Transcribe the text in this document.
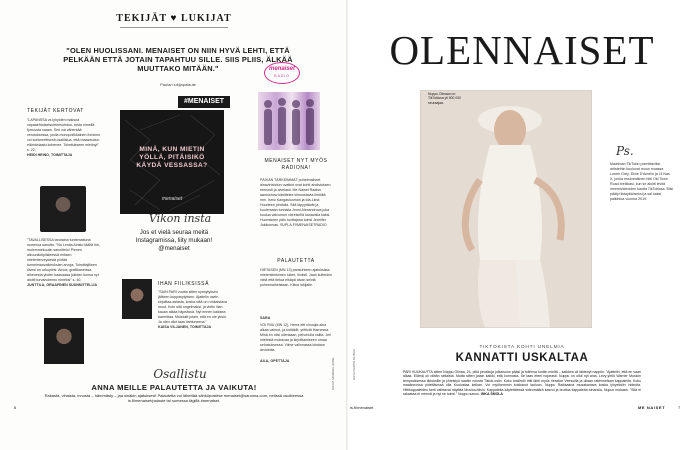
TEKIJÄT ♥ LUKIJAT
"OLEN HUOLISSANI. MENAISET ON NIIN HYVÄ LEHTI, ETTÄ PELKÄÄN ETTÄ JOTAIN TAPAHTUU SILLE. SIIS PLIIS, ÄLKÄÄ MUUTTAKO MITÄÄN."
Paulan lukijapalaute
TEKIJÄT KERTOVAT
"LAPANSSA vs lyhyiden maksoa vapaaehtoisetsuhteesuhdun- tusta nimellä fyrruusta vaaan. Seri vai vähentää verotuksessa, joulla monopolikkainen ihminen voi konkreettisesti osallistua, että maaseudun elämänlaatu kohenee. Toimitukseen mielinyt" s. 22,
HEIDI HEINO, TOIMITTAJA
"TAVALLISESSA tarotaina tuntemattuna numeroa sanottu. "No Lenita Airisto täältä hei, molemmekuutin sanoittelu! Pienen alkuunilutipilsteessä entisen mielenterveydestä piirtää tunnelmanvaikeuksien arvoja, Toimittajilleen tiivesi on urkupiirsi. Ainoa: grafiikaneissa aiheoesta yhden kaasaaaa jukiden konsa nyt aloitti turvanoimmu nimeksi" s. 40,
JUNTTILA, GRAAFINEN SUUNNITTELIJA
#MENAISET
MINÄ, KUN MIETIN YÖLLÄ, PITÄISIKÖ KÄYDÄ VESSASSA?
menaiset
Vikon insta
Jos et vielä seuraa meitä Instagramissa, liity mukaan! @menaiset
IHAN FIILIKSISSÄ
"SAIN PARI vuotta sitten synnytyksen jälkeen kuppasytyksen. Ajattelin usein kirjoittaa asiasta, koska siitä on rohkaistava muut. Koin sitä ongelmaksi, ja vietin liian kauan aikaa häpeässä. Nyt ennen kaikkea harmittaa. Muistutit jotain, että en ole yksin. Ja olen ollut taas ilahtuneena."
KAISA VILJANEN, TOIMITTAJA
menaiset
RADIO
MENAISET NYT MYÖS RADIONA!
PÄIVÄN TÄRKEIMMÄT puheenaiheet ainavirtahdun ovatkin ovat kohti ahdistuksen rennosti ja aivelasti. Me Naiset Radion aamushow käsittelee kiinnostavia ilmiöitä mm. Ismo Kangasluoman ja Ida-Liina Huurteen johdolla. Sitä läpyyttävät ja kuulemaan tunnista Jenni Alexandrova joka kuulua valvomon viereisellä kanavalla kaksi. Huomiseen päin tuottajana toimii Jennifer Jokikunnas. SUPLA.FI/MENAISETRADIO
PALAUTETTA
HIETASEN (MN 13) parisuhteen ajatuksista mielenkiintoinen lukee, tiiviisti. Jaan kuitenkin vielä että tietoa eikäpä aivan selviä puheenaiheistaan. Kiitos lukijalle.
SARA
VOI RIIU (MN 12), Herra etti vinuojia aina alkaa vaimot- ja kotiäidit, yrittivät Harnessa. Minä en olisi ollenkaan, pehohulla valita. Jeli mielestä mukavaa ja kirjoittamiseen omaa selostuksessa. Viime valinnassa loistava arviointia.
AILA, OPETTAJA
Osallistu
ANNA MEILLE PALAUTETTA JA VAIKUTA!
Rakasta, vihaista, innosta – hämmästy – jaa sinäkin ajatuksesi! Palautetta voi lähettää sähköpostitse menaiset@sanoma.com, netissä osoitteessa is.fi/menaiset/palaute tai somessa tägillä #menaiset.
KUVAT MARKKU HOKE
6
OLENNAISET
Nuppu Olinaan on TikTokissa yli 500 000 seuraajaa.
Ps.
Maailman TikTokin poimittaviksi artisteihin kuuluvat muun muassa Lorem Grey, Dixie D'Amelio ja Lil Nas X, jonka ensimmäinen hitti Old Town Road breikkasi, kun se aloitti levitä meemivideoiden kautta TikTokissa. Biisi päätyi listaykköseksi ja sai kaksi palkintoa vuonna 2019.
TIKTOKISTA KOHTI UNELMIA
KANNATTI USKALTAA
PARI KUUKAUTTA sitten Nuppu Olinaa, 24, pitiä peukkuja julkaisuun pääsi ja tulirinsa tuntiin mieltä – kaikkea oli lähtenyt nappiin. "Ajattelin, että en vaan aikaa. Elämä oli vähän sellaista. Mutta sitten jotain kaikki, että kunnosta. Se taas eteni nopeasti. Nuppu on ollut nyt aina. Levy-yhtiö Warner Musicin tempauksessa tiktoksille ja yhteistyö saaliin nousta Tiktok-osiin. Koko tosiilmiö hitti lähti myös Veselon Veesoilla ja ollaan rakennetaan kappaleita. Koko maalinnossa pidettävissä olla Kuulostaa keikan. Voi myöhemmin kokkanut lauluun. Nuppu Raikkaana musakanava koska lyhyeksiin videoita. Hittikappaleiden fanit vaihtavat näyttää Musica-biisin. Kappaletta käytettäessä videomäärä kasvoi ja bruttoa kappaleita tuhansia, Nupun mukaan. "Sitä ei rakastaa ei mennä ja nyt se toimii." Nuppu sanoo. INKA SMOLA
KUVA NUPPU OLINAA
is.fi/menaiset	ME NAISET	7
